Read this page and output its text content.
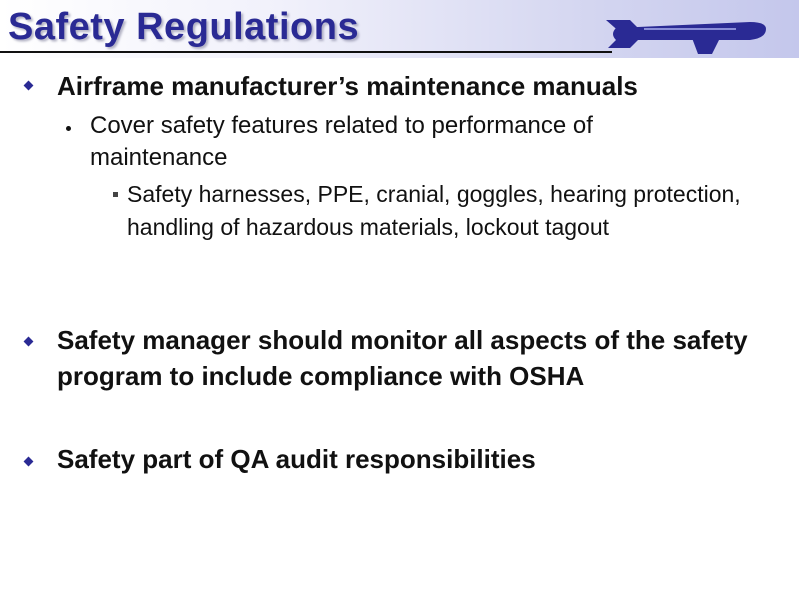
Safety Regulations

Airframe manufacturer’s maintenance manuals

Cover safety features related to performance of maintenance

Safety harnesses, PPE, cranial, goggles, hearing protection, handling of hazardous materials, lockout tagout

Safety manager should monitor all aspects of the safety program to include compliance with OSHA

Safety part of QA audit responsibilities
